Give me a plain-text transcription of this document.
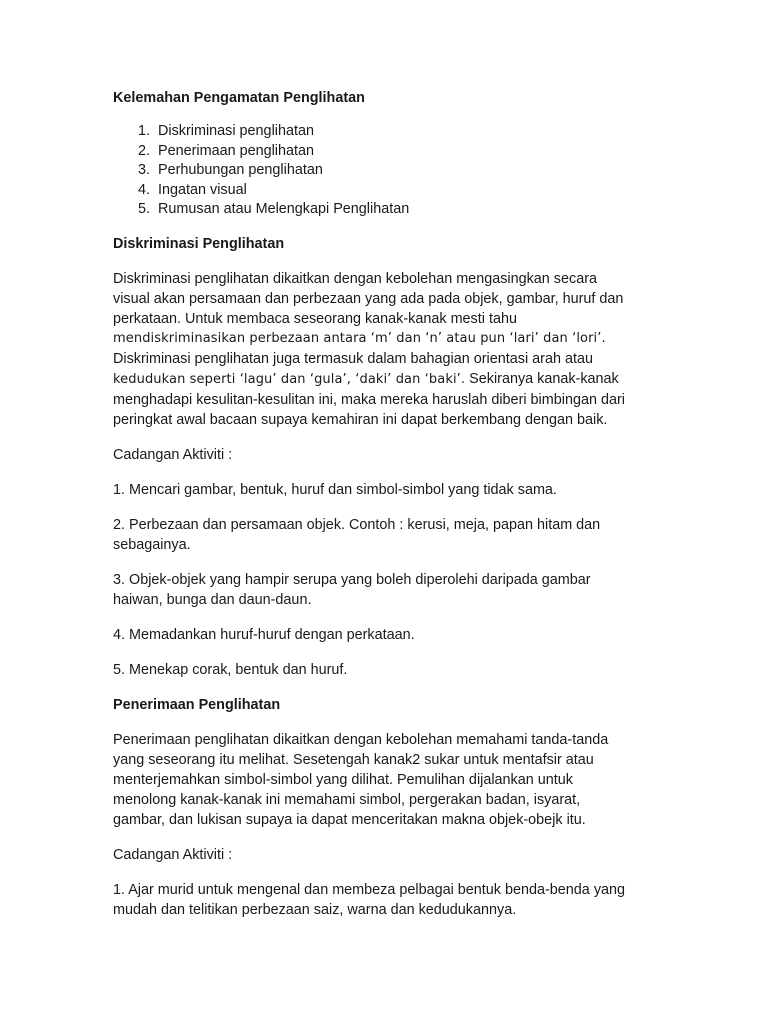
Kelemahan Pengamatan Penglihatan

1. Diskriminasi penglihatan
2. Penerimaan penglihatan
3. Perhubungan penglihatan
4. Ingatan visual
5. Rumusan atau Melengkapi Penglihatan

Diskriminasi Penglihatan

Diskriminasi penglihatan dikaitkan dengan kebolehan mengasingkan secara

visual akan persamaan dan perbezaan yang ada pada objek, gambar, huruf dan

perkataan. Untuk membaca seseorang kanak-kanak mesti tahu

mendiskriminasikan perbezaan antara ‘m’ dan ‘n’ atau pun ‘lari’ dan ‘lori’.

Diskriminasi penglihatan juga termasuk dalam bahagian orientasi arah atau

kedudukan seperti ‘lagu’ dan ‘gula’, ‘daki’ dan ‘baki’. Sekiranya kanak-kanak

menghadapi kesulitan-kesulitan ini, maka mereka haruslah diberi bimbingan dari

peringkat awal bacaan supaya kemahiran ini dapat berkembang dengan baik.

Cadangan Aktiviti :

1. Mencari gambar, bentuk, huruf dan simbol-simbol yang tidak sama.

2. Perbezaan dan persamaan objek. Contoh : kerusi, meja, papan hitam dan

sebagainya.

3. Objek-objek yang hampir serupa yang boleh diperolehi daripada gambar

haiwan, bunga dan daun-daun.

4. Memadankan huruf-huruf dengan perkataan.

5. Menekap corak, bentuk dan huruf.

Penerimaan Penglihatan

Penerimaan penglihatan dikaitkan dengan kebolehan memahami tanda-tanda

yang seseorang itu melihat. Sesetengah kanak2 sukar untuk mentafsir atau

menterjemahkan simbol-simbol yang dilihat. Pemulihan dijalankan untuk

menolong kanak-kanak ini memahami simbol, pergerakan badan, isyarat,

gambar, dan lukisan supaya ia dapat menceritakan makna objek-obejk itu.

Cadangan Aktiviti :

1. Ajar murid untuk mengenal dan membeza pelbagai bentuk benda-benda yang

mudah dan telitikan perbezaan saiz, warna dan kedudukannya.
